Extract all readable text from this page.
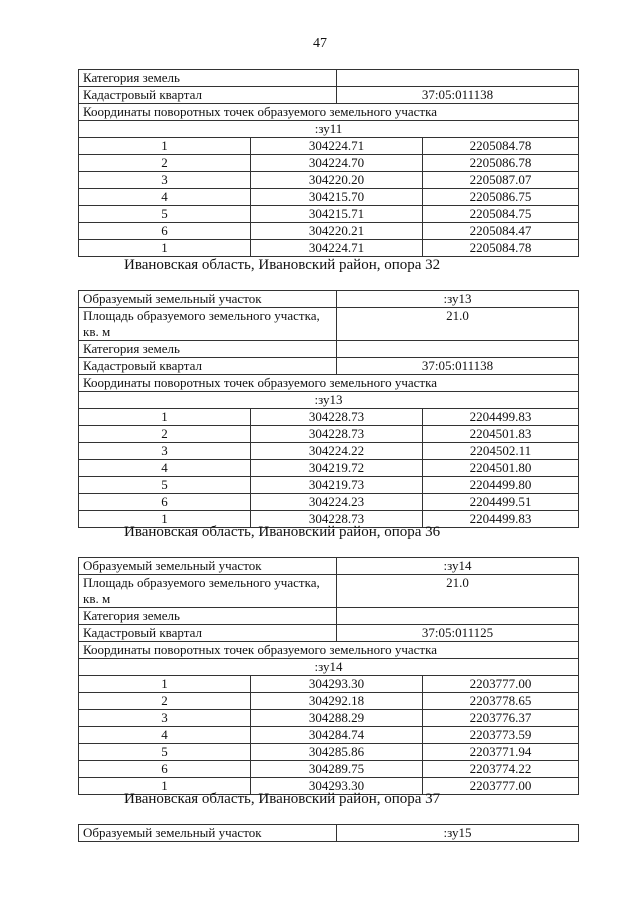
47
Категория земель			
Кадастровый квартал		37:05:011138	
Координаты поворотных точек образуемого земельного участка			
:зу11			
1	304224.71		2205084.78
2	304224.70		2205086.78
3	304220.20		2205087.07
4	304215.70		2205086.75
5	304215.71		2205084.75
6	304220.21		2205084.47
1	304224.71		2205084.78
Ивановская область, Ивановский район, опора 32
Образуемый земельный участок		:зу13	
Площадь образуемого земельного участка, кв. м		21.0	
Категория земель			
Кадастровый квартал		37:05:011138	
Координаты поворотных точек образуемого земельного участка			
:зу13			
1	304228.73		2204499.83
2	304228.73		2204501.83
3	304224.22		2204502.11
4	304219.72		2204501.80
5	304219.73		2204499.80
6	304224.23		2204499.51
1	304228.73		2204499.83
Ивановская область, Ивановский район, опора 36
Образуемый земельный участок		:зу14	
Площадь образуемого земельного участка, кв. м		21.0	
Категория земель			
Кадастровый квартал		37:05:011125	
Координаты поворотных точек образуемого земельного участка			
:зу14			
1	304293.30		2203777.00
2	304292.18		2203778.65
3	304288.29		2203776.37
4	304284.74		2203773.59
5	304285.86		2203771.94
6	304289.75		2203774.22
1	304293.30		2203777.00
Ивановская область, Ивановский район, опора 37
Образуемый земельный участок	:зу15
